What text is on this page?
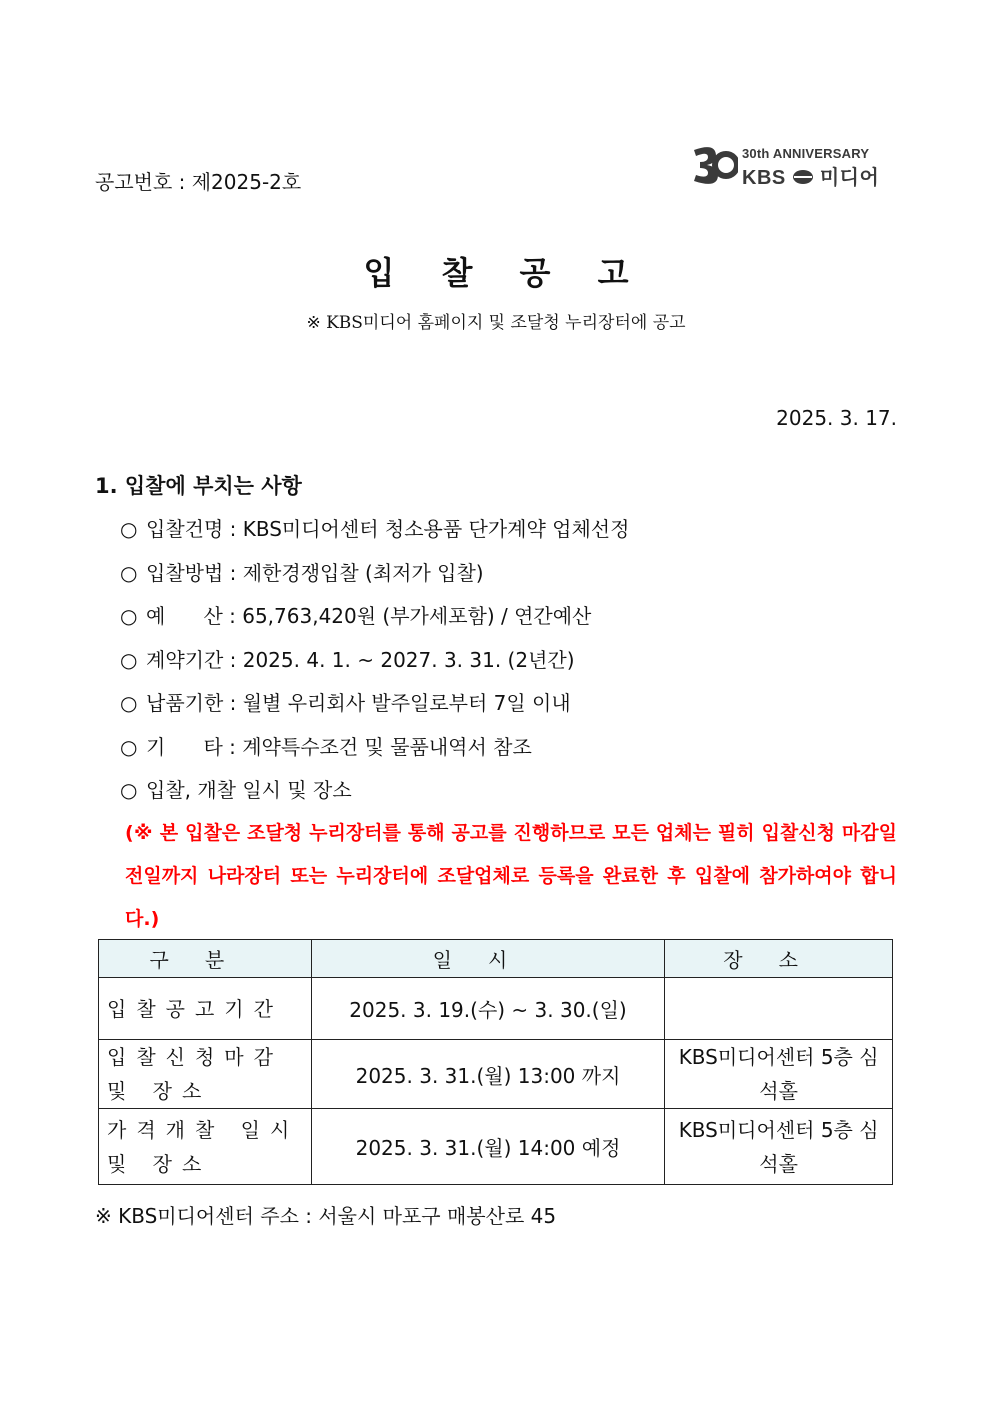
공고번호 : 제2025-2호
30th ANNIVERSARY
KBS 미디어
입 찰 공 고
※ KBS미디어 홈페이지 및 조달청 누리장터에 공고
2025. 3. 17.
1. 입찰에 부치는 사항
○ 입찰건명 : KBS미디어센터 청소용품 단가계약 업체선정
○ 입찰방법 : 제한경쟁입찰 (최저가 입찰)
○ 예      산 : 65,763,420원 (부가세포함) / 연간예산
○ 계약기간 : 2025. 4. 1. ~ 2027. 3. 31. (2년간)
○ 납품기한 : 월별 우리회사 발주일로부터 7일 이내
○ 기      타 : 계약특수조건 및 물품내역서 참조
○ 입찰, 개찰 일시 및 장소
(※ 본 입찰은 조달청 누리장터를 통해 공고를 진행하므로 모든 업체는 필히 입찰신청 마감일 전일까지 나라장터 또는 누리장터에 조달업체로 등록을 완료한 후 입찰에 참가하여야 합니다.)
구분	일시	장소
입찰공고기간	2025. 3. 19.(수) ~ 3. 30.(일)	
입찰신청마감 및 장소	2025. 3. 31.(월) 13:00 까지	KBS미디어센터 5층 심석홀
가격개찰 일시 및 장소	2025. 3. 31.(월) 14:00 예정	KBS미디어센터 5층 심석홀
※ KBS미디어센터 주소 : 서울시 마포구 매봉산로 45
